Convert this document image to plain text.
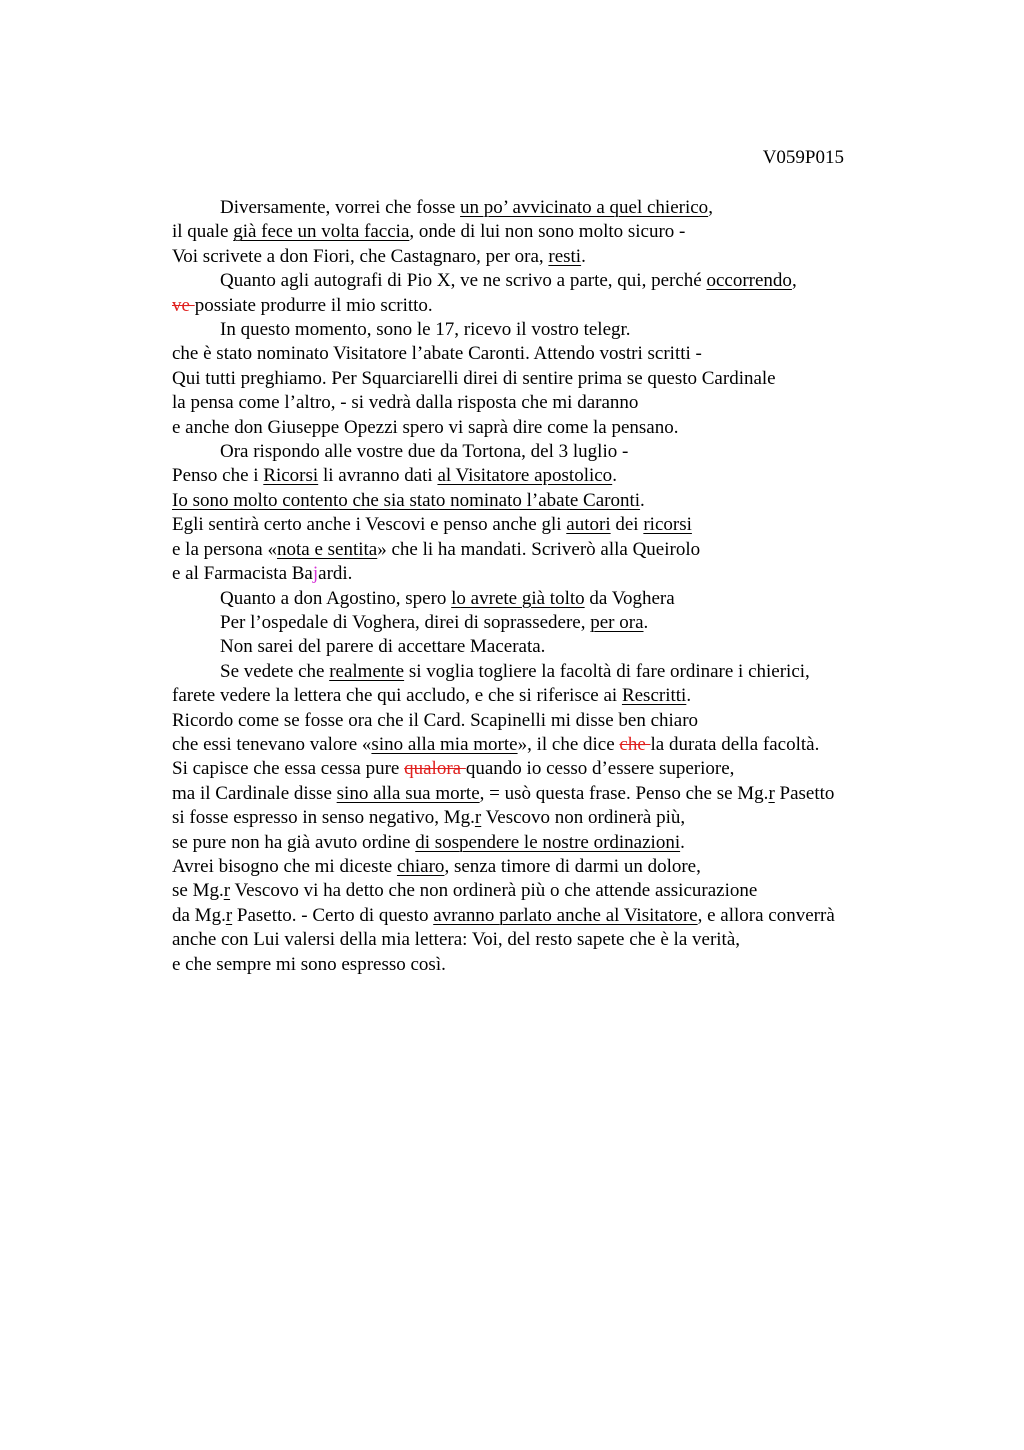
V059P015

Diversamente, vorrei che fosse un po’ avvicinato a quel chierico,
il quale già fece un volta faccia, onde di lui non sono molto sicuro -
Voi scrivete a don Fiori, che Castagnaro, per ora, resti.
Quanto agli autografi di Pio X, ve ne scrivo a parte, qui, perché occorrendo,
ve possiate produrre il mio scritto.
In questo momento, sono le 17, ricevo il vostro telegr.
che è stato nominato Visitatore l’abate Caronti. Attendo vostri scritti -
Qui tutti preghiamo. Per Squarciarelli direi di sentire prima se questo Cardinale
la pensa come l’altro, - si vedrà dalla risposta che mi daranno
e anche don Giuseppe Opezzi spero vi saprà dire come la pensano.
Ora rispondo alle vostre due da Tortona, del 3 luglio -
Penso che i Ricorsi li avranno dati al Visitatore apostolico.
Io sono molto contento che sia stato nominato l’abate Caronti.
Egli sentirà certo anche i Vescovi e penso anche gli autori dei ricorsi
e la persona «nota e sentita» che li ha mandati. Scriverò alla Queirolo
e al Farmacista Bajardi.
Quanto a don Agostino, spero lo avrete già tolto da Voghera
Per l’ospedale di Voghera, direi di soprassedere, per ora.
Non sarei del parere di accettare Macerata.
Se vedete che realmente si voglia togliere la facoltà di fare ordinare i chierici,
farete vedere la lettera che qui accludo, e che si riferisce ai Rescritti.
Ricordo come se fosse ora che il Card. Scapinelli mi disse ben chiaro
che essi tenevano valore «sino alla mia morte», il che dice che la durata della facoltà.
Si capisce che essa cessa pure qualora quando io cesso d’essere superiore,
ma il Cardinale disse sino alla sua morte, = usò questa frase. Penso che se Mg.r Pasetto
si fosse espresso in senso negativo, Mg.r Vescovo non ordinerà più,
se pure non ha già avuto ordine di sospendere le nostre ordinazioni.
Avrei bisogno che mi diceste chiaro, senza timore di darmi un dolore,
se Mg.r Vescovo vi ha detto che non ordinerà più o che attende assicurazione
da Mg.r Pasetto. - Certo di questo avranno parlato anche al Visitatore, e allora converrà
anche con Lui valersi della mia lettera: Voi, del resto sapete che è la verità,
e che sempre mi sono espresso così.
